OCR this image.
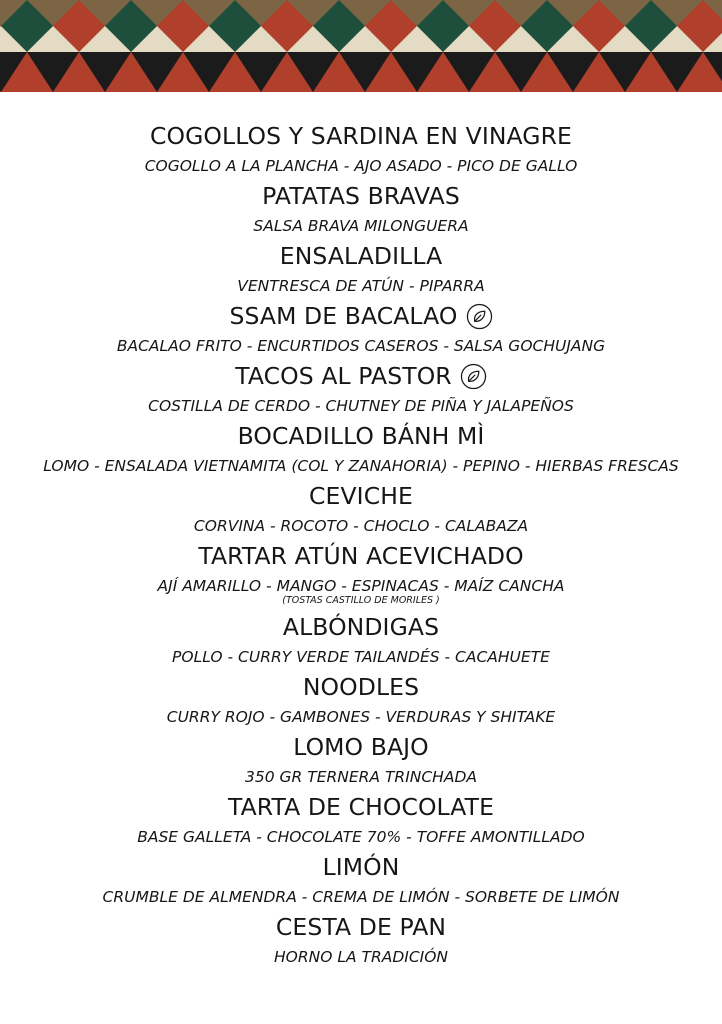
COGOLLOS Y SARDINA EN VINAGRE
COGOLLO A LA PLANCHA - AJO ASADO - PICO DE GALLO
PATATAS BRAVAS
SALSA BRAVA MILONGUERA
ENSALADILLA
VENTRESCA DE ATÚN - PIPARRA
SSAM DE BACALAO
BACALAO FRITO - ENCURTIDOS CASEROS - SALSA GOCHUJANG
TACOS AL PASTOR
COSTILLA DE CERDO - CHUTNEY DE PIÑA Y JALAPEÑOS
BOCADILLO BÁNH MÌ
LOMO - ENSALADA VIETNAMITA (COL Y ZANAHORIA) - PEPINO - HIERBAS FRESCAS
CEVICHE
CORVINA - ROCOTO - CHOCLO - CALABAZA
TARTAR ATÚN ACEVICHADO
AJÍ AMARILLO - MANGO - ESPINACAS - MAÍZ CANCHA
(TOSTAS CASTILLO DE MORILES )
ALBÓNDIGAS
POLLO - CURRY VERDE TAILANDÉS - CACAHUETE
NOODLES
CURRY ROJO - GAMBONES - VERDURAS Y SHITAKE
LOMO BAJO
350 GR TERNERA TRINCHADA
TARTA DE CHOCOLATE
BASE GALLETA - CHOCOLATE 70% - TOFFE AMONTILLADO
LIMÓN
CRUMBLE DE ALMENDRA - CREMA DE LIMÓN - SORBETE DE LIMÓN
CESTA DE PAN
HORNO LA TRADICIÓN
